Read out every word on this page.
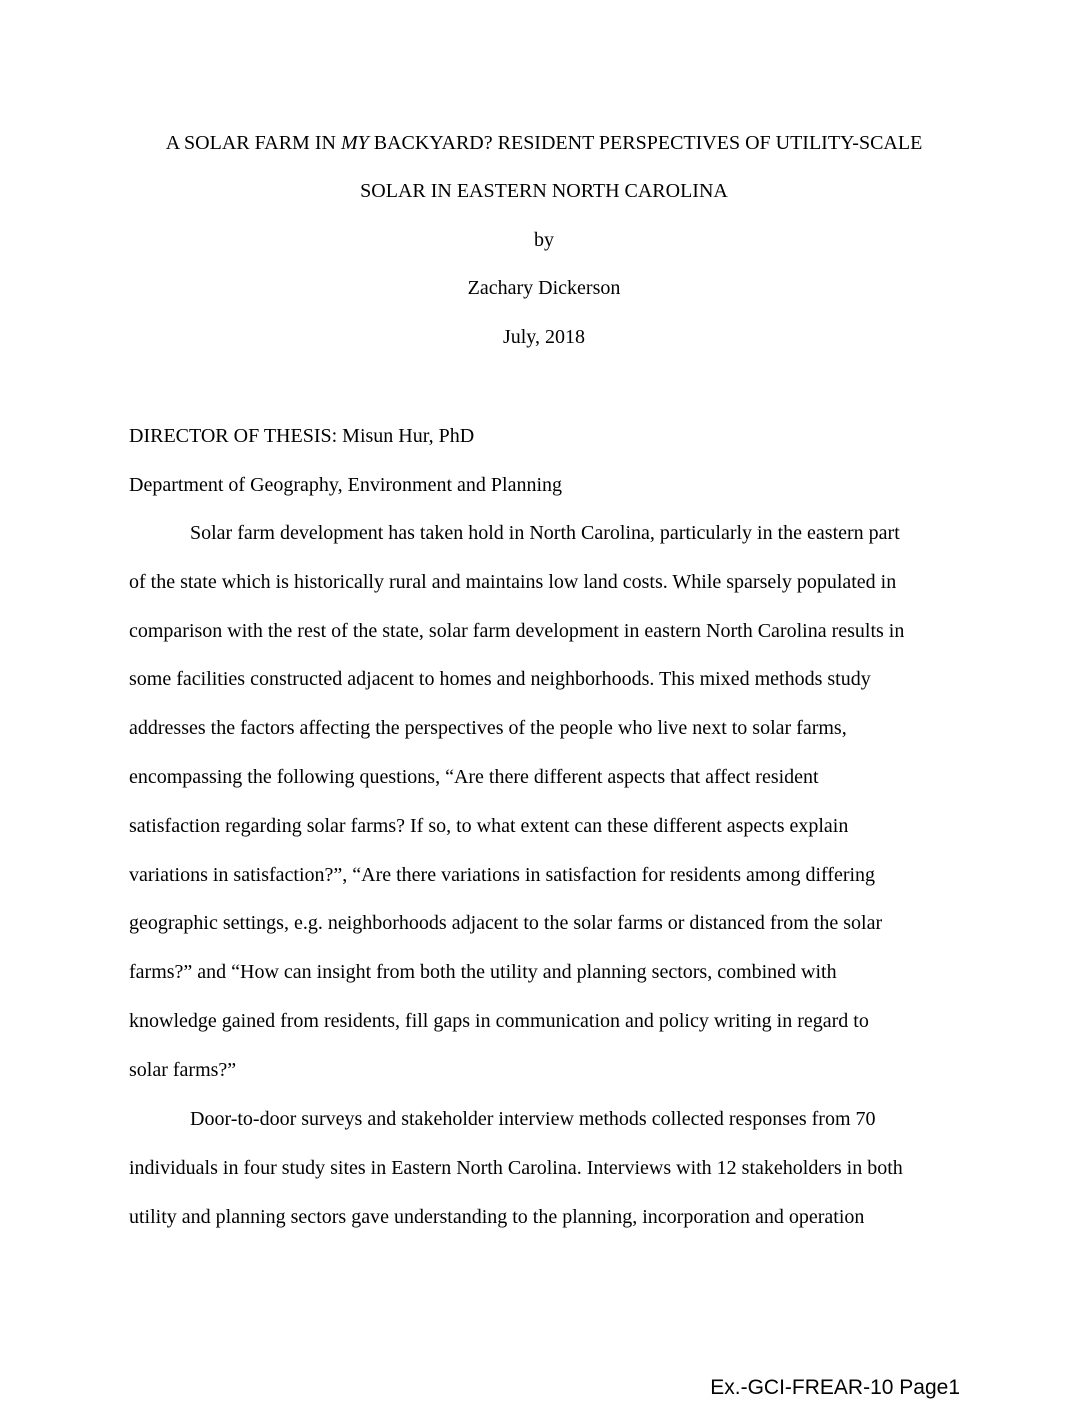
A SOLAR FARM IN MY BACKYARD? RESIDENT PERSPECTIVES OF UTILITY-SCALE
SOLAR IN EASTERN NORTH CAROLINA
by
Zachary Dickerson
July, 2018
DIRECTOR OF THESIS: Misun Hur, PhD
Department of Geography, Environment and Planning
Solar farm development has taken hold in North Carolina, particularly in the eastern part
of the state which is historically rural and maintains low land costs. While sparsely populated in
comparison with the rest of the state, solar farm development in eastern North Carolina results in
some facilities constructed adjacent to homes and neighborhoods. This mixed methods study
addresses the factors affecting the perspectives of the people who live next to solar farms,
encompassing the following questions, “Are there different aspects that affect resident
satisfaction regarding solar farms? If so, to what extent can these different aspects explain
variations in satisfaction?”, “Are there variations in satisfaction for residents among differing
geographic settings, e.g. neighborhoods adjacent to the solar farms or distanced from the solar
farms?” and “How can insight from both the utility and planning sectors, combined with
knowledge gained from residents, fill gaps in communication and policy writing in regard to
solar farms?”
Door-to-door surveys and stakeholder interview methods collected responses from 70
individuals in four study sites in Eastern North Carolina. Interviews with 12 stakeholders in both
utility and planning sectors gave understanding to the planning, incorporation and operation
Ex.-GCI-FREAR-10 Page1
